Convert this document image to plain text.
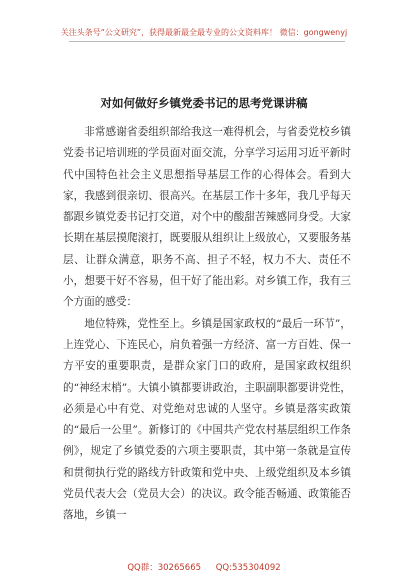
关注头条号“公文研究”，获得最新最全最专业的公文资料库！ 微信：gongwenyj
对如何做好乡镇党委书记的思考党课讲稿

非常感谢省委组织部给我这一难得机会，与省委党校乡镇党委书记培训班的学员面对面交流，分享学习运用习近平新时代中国特色社会主义思想指导基层工作的心得体会。看到大家，我感到很亲切、很高兴。在基层工作十多年，我几乎每天都跟乡镇党委书记打交道，对个中的酸甜苦辣感同身受。大家长期在基层摸爬滚打，既要服从组织让上级放心，又要服务基层、让群众满意，职务不高、担子不轻，权力不大、责任不小，想要干好不容易，但干好了能出彩。对乡镇工作，我有三个方面的感受：

地位特殊，党性至上。乡镇是国家政权的“最后一环节”，上连党心、下连民心，肩负着强一方经济、富一方百姓、保一方平安的重要职责，是群众家门口的政府，是国家政权组织的“神经末梢”。大镇小镇都要讲政治，主职副职都要讲党性，必须是心中有党、对党绝对忠诚的人坚守。乡镇是落实政策的“最后一公里”。新修订的《中国共产党农村基层组织工作条例》，规定了乡镇党委的六项主要职责，其中第一条就是宣传和贯彻执行党的路线方针政策和党中央、上级党组织及本乡镇党员代表大会（党员大会）的决议。政令能否畅通、政策能否落地，乡镇一

QQ群：30265665 QQ:535304092
